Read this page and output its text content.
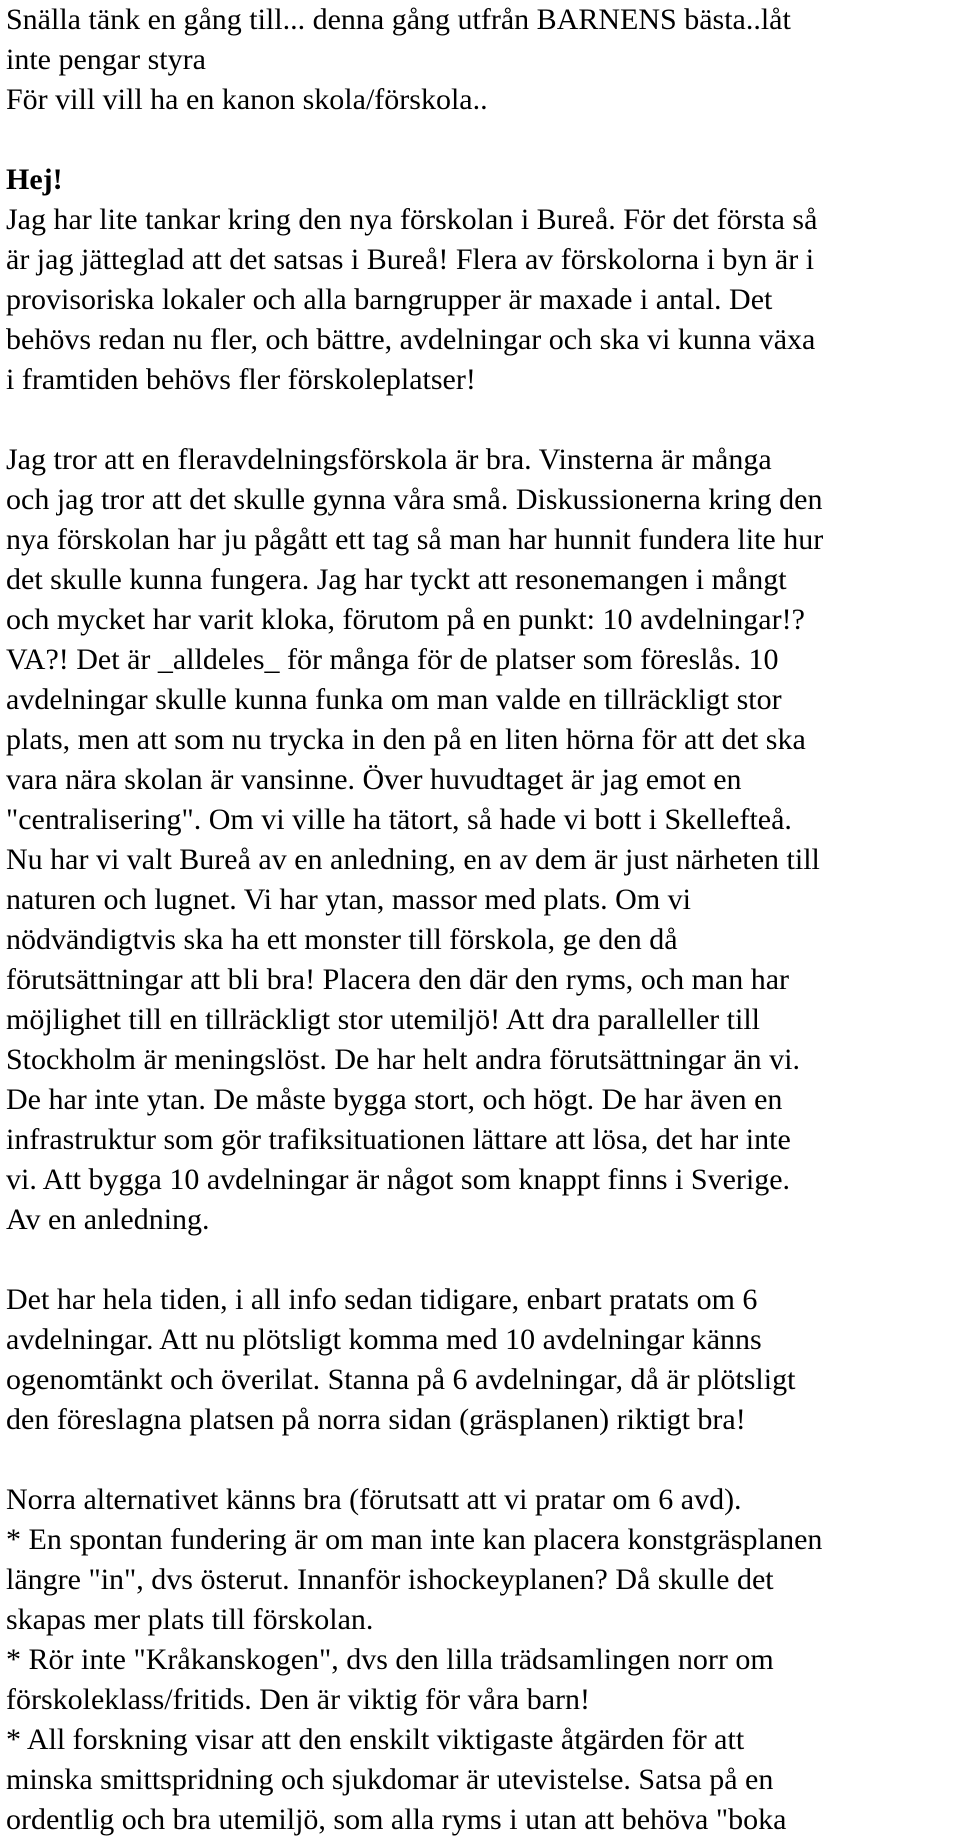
Snälla tänk en gång till... denna gång utfrån BARNENS bästa..låt
inte pengar styra
För vill vill ha en kanon skola/förskola..
Hej!
Jag har lite tankar kring den nya förskolan i Bureå. För det första så
är jag jätteglad att det satsas i Bureå! Flera av förskolorna i byn är i
provisoriska lokaler och alla barngrupper är maxade i antal. Det
behövs redan nu fler, och bättre, avdelningar och ska vi kunna växa
i framtiden behövs fler förskoleplatser!
Jag tror att en fleravdelningsförskola är bra. Vinsterna är många
och jag tror att det skulle gynna våra små. Diskussionerna kring den
nya förskolan har ju pågått ett tag så man har hunnit fundera lite hur
det skulle kunna fungera. Jag har tyckt att resonemangen i mångt
och mycket har varit kloka, förutom på en punkt: 10 avdelningar!?
VA?! Det är _alldeles_ för många för de platser som föreslås. 10
avdelningar skulle kunna funka om man valde en tillräckligt stor
plats, men att som nu trycka in den på en liten hörna för att det ska
vara nära skolan är vansinne. Över huvudtaget är jag emot en
"centralisering". Om vi ville ha tätort, så hade vi bott i Skellefteå.
Nu har vi valt Bureå av en anledning, en av dem är just närheten till
naturen och lugnet. Vi har ytan, massor med plats. Om vi
nödvändigtvis ska ha ett monster till förskola, ge den då
förutsättningar att bli bra! Placera den där den ryms, och man har
möjlighet till en tillräckligt stor utemiljö! Att dra paralleller till
Stockholm är meningslöst. De har helt andra förutsättningar än vi.
De har inte ytan. De måste bygga stort, och högt. De har även en
infrastruktur som gör trafiksituationen lättare att lösa, det har inte
vi. Att bygga 10 avdelningar är något som knappt finns i Sverige.
Av en anledning.
Det har hela tiden, i all info sedan tidigare, enbart pratats om 6
avdelningar. Att nu plötsligt komma med 10 avdelningar känns
ogenomtänkt och överilat. Stanna på 6 avdelningar, då är plötsligt
den föreslagna platsen på norra sidan (gräsplanen) riktigt bra!
Norra alternativet känns bra (förutsatt att vi pratar om 6 avd).
* En spontan fundering är om man inte kan placera konstgräsplanen
längre "in", dvs österut. Innanför ishockeyplanen? Då skulle det
skapas mer plats till förskolan.
* Rör inte "Kråkanskogen", dvs den lilla trädsamlingen norr om
förskoleklass/fritids. Den är viktig för våra barn!
* All forskning visar att den enskilt viktigaste åtgärden för att
minska smittspridning och sjukdomar är utevistelse. Satsa på en
ordentlig och bra utemiljö, som alla ryms i utan att behöva "boka
